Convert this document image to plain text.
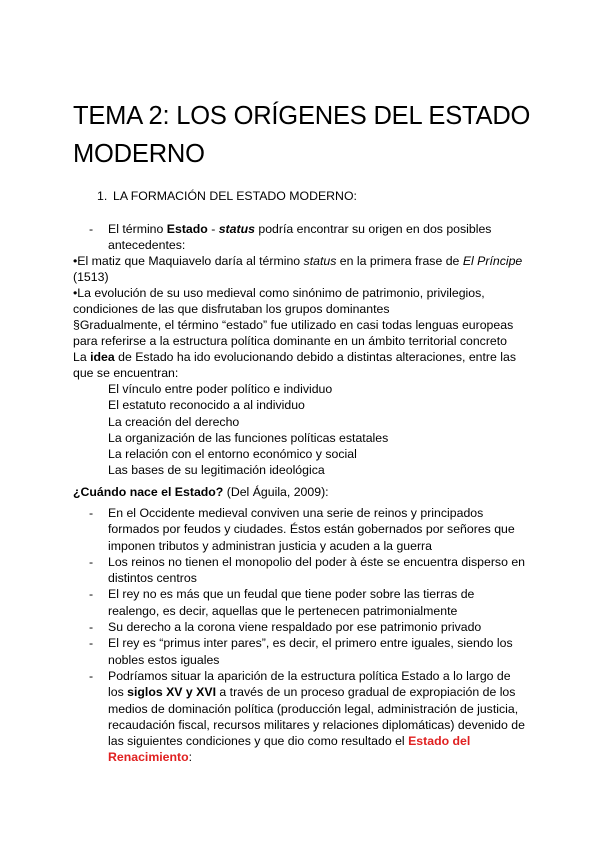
TEMA 2: LOS ORÍGENES DEL ESTADO MODERNO
1. LA FORMACIÓN DEL ESTADO MODERNO:
- El término Estado - status podría encontrar su origen en dos posibles antecedentes:
•El matiz que Maquiavelo daría al término status en la primera frase de El Príncipe (1513)
•La evolución de su uso medieval como sinónimo de patrimonio, privilegios, condiciones de las que disfrutaban los grupos dominantes
§Gradualmente, el término “estado” fue utilizado en casi todas lenguas europeas para referirse a la estructura política dominante en un ámbito territorial concreto
La idea de Estado ha ido evolucionando debido a distintas alteraciones, entre las que se encuentran:
El vínculo entre poder político e individuo
El estatuto reconocido a al individuo
La creación del derecho
La organización de las funciones políticas estatales
La relación con el entorno económico y social
Las bases de su legitimación ideológica
¿Cuándo nace el Estado? (Del Águila, 2009):
- En el Occidente medieval conviven una serie de reinos y principados formados por feudos y ciudades. Éstos están gobernados por señores que imponen tributos y administran justicia y acuden a la guerra
- Los reinos no tienen el monopolio del poder à éste se encuentra disperso en distintos centros
- El rey no es más que un feudal que tiene poder sobre las tierras de realengo, es decir, aquellas que le pertenecen patrimonialmente
- Su derecho a la corona viene respaldado por ese patrimonio privado
- El rey es “primus inter pares”, es decir, el primero entre iguales, siendo los nobles estos iguales
- Podríamos situar la aparición de la estructura política Estado a lo largo de los siglos XV y XVI a través de un proceso gradual de expropiación de los medios de dominación política (producción legal, administración de justicia, recaudación fiscal, recursos militares y relaciones diplomáticas) devenido de las siguientes condiciones y que dio como resultado el Estado del Renacimiento:
